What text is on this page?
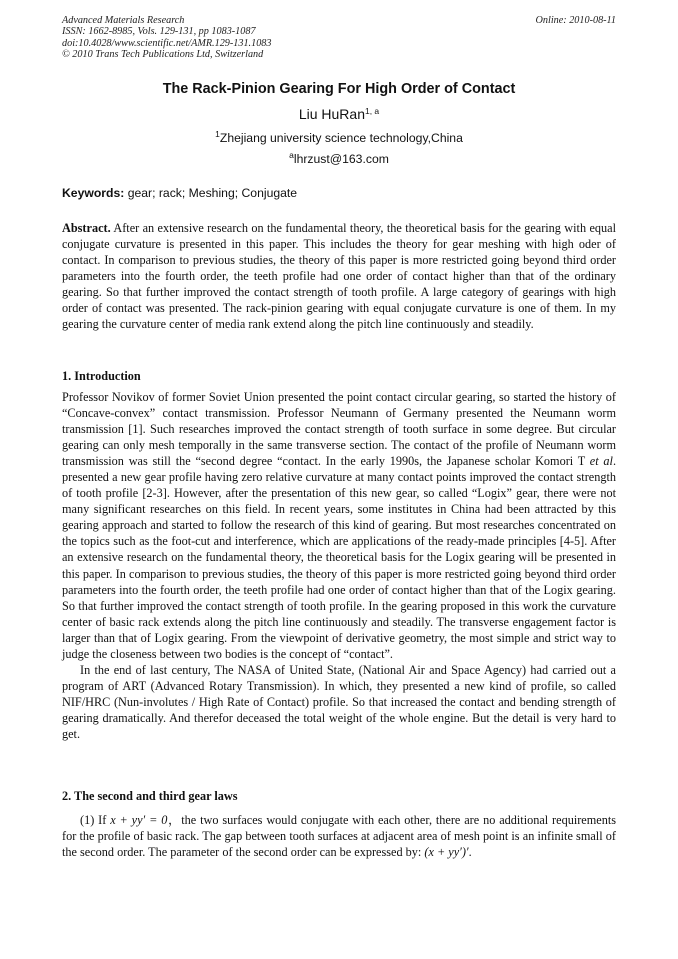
Advanced Materials Research
ISSN: 1662-8985, Vols. 129-131, pp 1083-1087
doi:10.4028/www.scientific.net/AMR.129-131.1083
© 2010 Trans Tech Publications Ltd, Switzerland
Online: 2010-08-11
The Rack-Pinion Gearing For High Order of Contact
Liu HuRan$^{1, a}$
$^1$Zhejiang university science technology,China
$^a$lhrzust@163.com
Keywords: gear; rack; Meshing; Conjugate

Abstract. After an extensive research on the fundamental theory, the theoretical basis for the gearing with equal conjugate curvature is presented in this paper. This includes the theory for gear meshing with high oder of contact. In comparison to previous studies, the theory of this paper is more restricted going beyond third order parameters into the fourth order, the teeth profile had one order of contact higher than that of the ordinary gearing. So that further improved the contact strength of tooth profile. A large category of gearings with high order of contact was presented. The rack-pinion gearing with equal conjugate curvature is one of them. In my gearing the curvature center of media rank extend along the pitch line continuously and steadily.

1. Introduction

Professor Novikov of former Soviet Union presented the point contact circular gearing, so started the history of “Concave-convex” contact transmission. Professor Neumann of Germany presented the Neumann worm transmission [1]. Such researches improved the contact strength of tooth surface in some degree. But circular gearing can only mesh temporally in the same transverse section. The contact of the profile of Neumann worm transmission was still the “second degree “contact. In the early 1990s, the Japanese scholar Komori T et al. presented a new gear profile having zero relative curvature at many contact points improved the contact strength of tooth profile [2-3]. However, after the presentation of this new gear, so called “Logix” gear, there were not many significant researches on this field. In recent years, some institutes in China had been attracted by this gearing approach and started to follow the research of this kind of gearing. But most researches concentrated on the topics such as the foot-cut and interference, which are applications of the ready-made principles [4-5]. After an extensive research on the fundamental theory, the theoretical basis for the Logix gearing will be presented in this paper. In comparison to previous studies, the theory of this paper is more restricted going beyond third order parameters into the fourth order, the teeth profile had one order of contact higher than that of the Logix gearing. So that further improved the contact strength of tooth profile. In the gearing proposed in this work the curvature center of basic rack extends along the pitch line continuously and steadily. The transverse engagement factor is larger than that of Logix gearing. From the viewpoint of derivative geometry, the most simple and strict way to judge the closeness between two bodies is the concept of “contact”.

In the end of last century, The NASA of United State, (National Air and Space Agency) had carried out a program of ART (Advanced Rotary Transmission). In which, they presented a new kind of profile, so called NIF/HRC (Nun-involutes / High Rate of Contact) profile. So that increased the contact and bending strength of gearing dramatically. And therefor deceased the total weight of the whole engine. But the detail is very hard to get.

2. The second and third gear laws

(1) If x + yy′ = 0，the two surfaces would conjugate with each other, there are no additional requirements for the profile of basic rack. The gap between tooth surfaces at adjacent area of mesh point is an infinite small of the second order. The parameter of the second order can be expressed by: (x + yy′)′.
